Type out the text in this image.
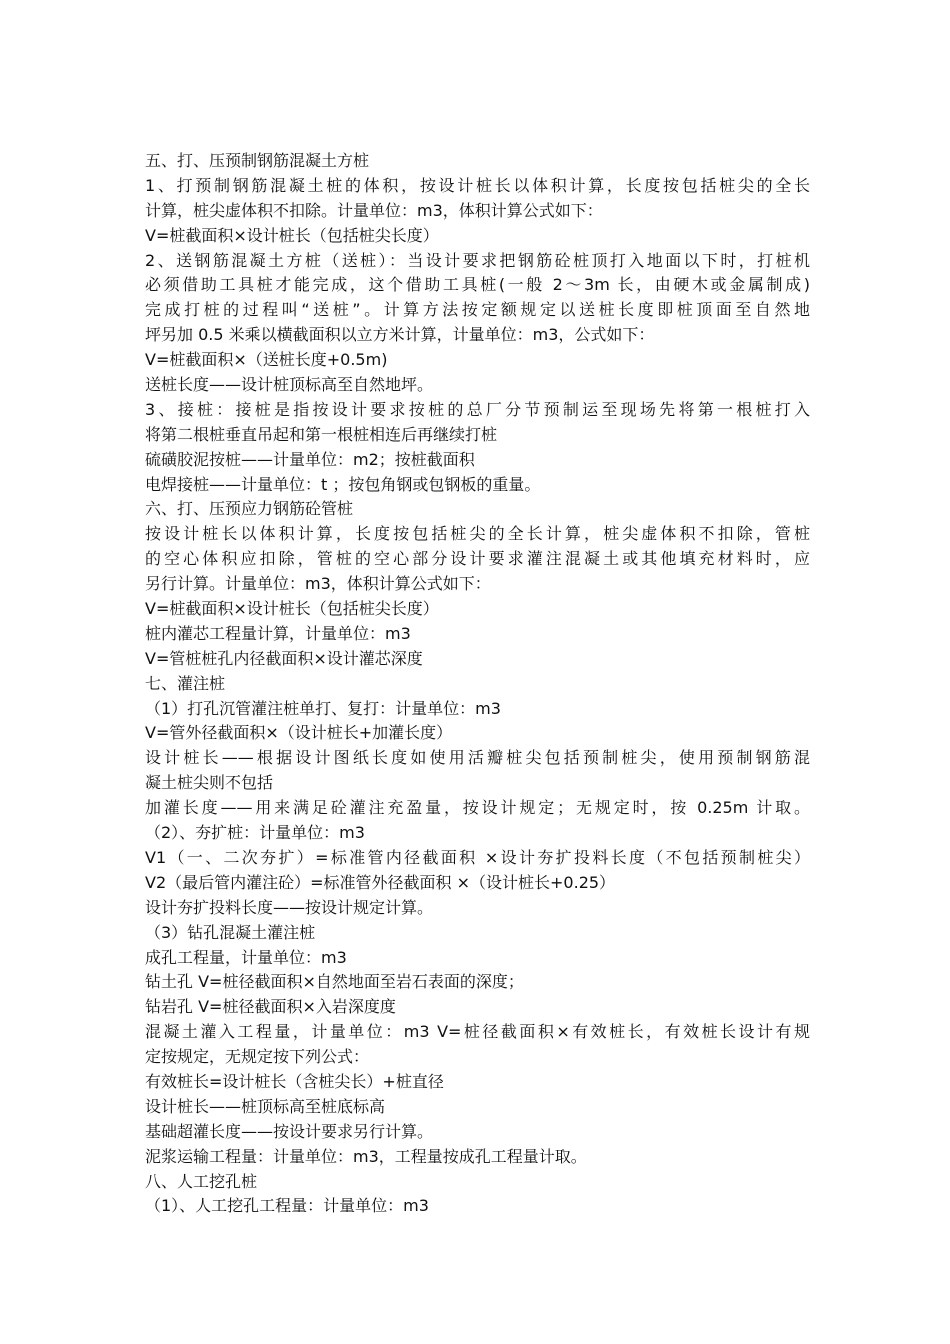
五、打、压预制钢筋混凝土方桩

1、打预制钢筋混凝土桩的体积，按设计桩长以体积计算，长度按包括桩尖的全长

计算，桩尖虚体积不扣除。计量单位：m3，体积计算公式如下：

V=桩截面积×设计桩长（包括桩尖长度）

2、送钢筋混凝土方桩（送桩）：当设计要求把钢筋砼桩顶打入地面以下时，打桩机

必须借助工具桩才能完成，这个借助工具桩(一般 2～3m 长，由硬木或金属制成)

完成打桩的过程叫“送桩”。计算方法按定额规定以送桩长度即桩顶面至自然地

坪另加 0.5 米乘以横截面积以立方米计算，计量单位：m3，公式如下：

V=桩截面积×（送桩长度+0.5m)

送桩长度——设计桩顶标高至自然地坪。

3、接桩：接桩是指按设计要求按桩的总厂分节预制运至现场先将第一根桩打入

将第二根桩垂直吊起和第一根桩相连后再继续打桩

硫磺胶泥按桩——计量单位：m2；按桩截面积

电焊接桩——计量单位：t ；按包角钢或包钢板的重量。

六、打、压预应力钢筋砼管桩

按设计桩长以体积计算，长度按包括桩尖的全长计算，桩尖虚体积不扣除，管桩

的空心体积应扣除，管桩的空心部分设计要求灌注混凝土或其他填充材料时，应

另行计算。计量单位：m3，体积计算公式如下：

V=桩截面积×设计桩长（包括桩尖长度）

桩内灌芯工程量计算，计量单位：m3

V=管桩桩孔内径截面积×设计灌芯深度

七、灌注桩

（1）打孔沉管灌注桩单打、复打：计量单位：m3

V=管外径截面积×（设计桩长+加灌长度）

设计桩长——根据设计图纸长度如使用活瓣桩尖包括预制桩尖，使用预制钢筋混

凝土桩尖则不包括

加灌长度——用来满足砼灌注充盈量，按设计规定；无规定时，按 0.25m 计取。

（2）、夯扩桩：计量单位：m3

V1（一、二次夯扩）=标准管内径截面积 ×设计夯扩投料长度（不包括预制桩尖）

V2（最后管内灌注砼）=标准管外径截面积 ×（设计桩长+0.25）

设计夯扩投料长度——按设计规定计算。

（3）钻孔混凝土灌注桩

成孔工程量，计量单位：m3

钻土孔 V=桩径截面积×自然地面至岩石表面的深度；

钻岩孔 V=桩径截面积×入岩深度度

混凝土灌入工程量，计量单位：m3 V=桩径截面积×有效桩长，有效桩长设计有规

定按规定，无规定按下列公式：

有效桩长=设计桩长（含桩尖长）+桩直径

设计桩长——桩顶标高至桩底标高

基础超灌长度——按设计要求另行计算。

泥浆运输工程量：计量单位：m3，工程量按成孔工程量计取。

八、人工挖孔桩

（1）、人工挖孔工程量：计量单位：m3
